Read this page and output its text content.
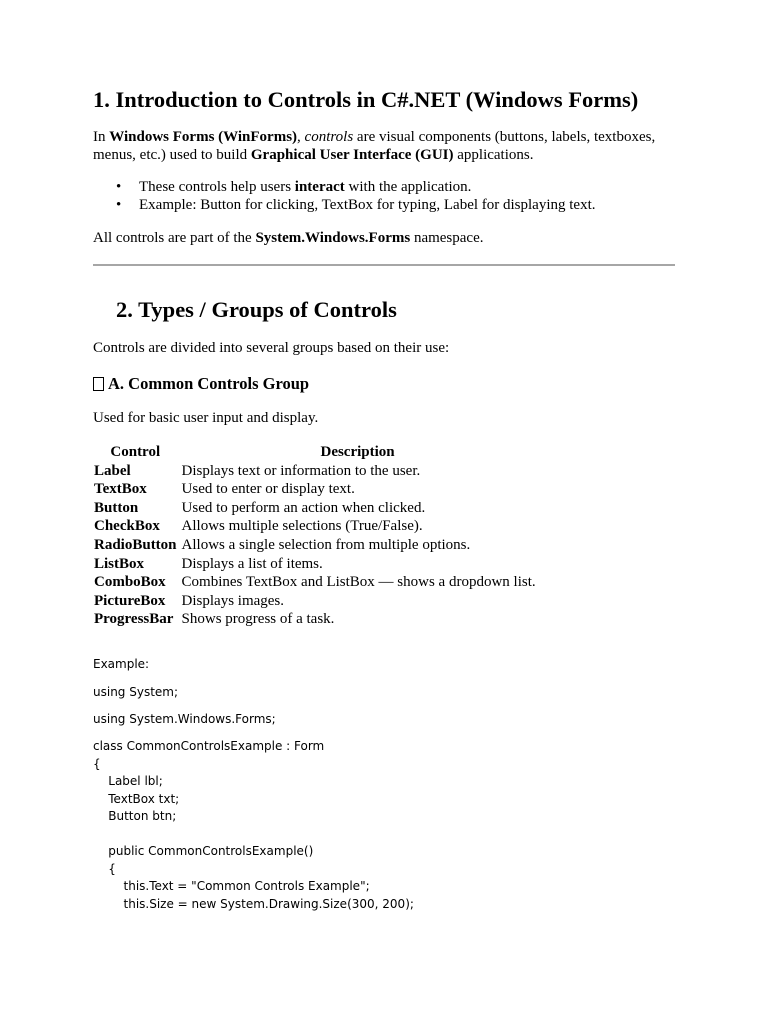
1. Introduction to Controls in C#.NET (Windows Forms)

In Windows Forms (WinForms), controls are visual components (buttons, labels, textboxes, menus, etc.) used to build Graphical User Interface (GUI) applications.

• These controls help users interact with the application.
• Example: Button for clicking, TextBox for typing, Label for displaying text.

All controls are part of the System.Windows.Forms namespace.

2. Types / Groups of Controls

Controls are divided into several groups based on their use:

A. Common Controls Group

Used for basic user input and display.

Control	Description
Label	Displays text or information to the user.
TextBox	Used to enter or display text.
Button	Used to perform an action when clicked.
CheckBox	Allows multiple selections (True/False).
RadioButton	Allows a single selection from multiple options.
ListBox	Displays a list of items.
ComboBox	Combines TextBox and ListBox — shows a dropdown list.
PictureBox	Displays images.
ProgressBar	Shows progress of a task.
Example:
using System;
using System.Windows.Forms;
class CommonControlsExample : Form
{
Label lbl;
TextBox txt;
Button btn;

public CommonControlsExample()
{
this.Text = "Common Controls Example";
this.Size = new System.Drawing.Size(300, 200);
